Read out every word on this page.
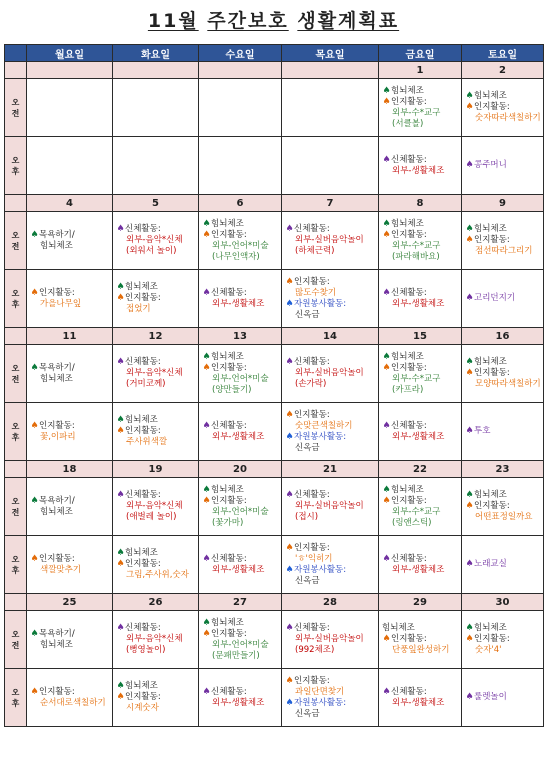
11월 주간보호 생활계획표
	월요일	화요일	수요일	목요일	금요일	토요일
					1	2

오
전					♠힘뇌체조
♠인지활동:
외부-수*교구
(서클볼)	♠힘뇌체조
♠인지활동:
숫자따라색칠하기

오
후					♠신체활동:
외부-생활체조	♠콩주머니

	4	5	6	7	8	9

오
전	♠목욕하기/
힘뇌체조	♠신체활동:
외부-음악*신체
(외워서 놀이)	♠힘뇌체조
♠인지활동:
외부-언어*미술
(나무인액자)	♠신체활동:
외부-실버음악놀이
(하체근력)	♠힘뇌체조
♠인지활동:
외부-수*교구
(파라해바요)	♠힘뇌체조
♠인지활동:
점선따라그리기

오
후	♠인지활동:
가을나무잎	♠힘뇌체조
♠인지활동:
접었기	♠신체활동:
외부-생활체조	♠인지활동:
많도수찾기
♠자원봉사활동:
신옥금	♠신체활동:
외부-생활체조	♠고리던지기

	11	12	13	14	15	16

오
전	♠목욕하기/
힘뇌체조	♠신체활동:
외부-음악*신체
(거미코께)	♠힘뇌체조
♠인지활동:
외부-언어*미술
(양만들기)	♠신체활동:
외부-실버음악놀이
(손가락)	♠힘뇌체조
♠인지활동:
외부-수*교구
(카프라)	♠힘뇌체조
♠인지활동:
모양따라색칠하기

오
후	♠인지활동:
꽃,이파리	♠힘뇌체조
♠인지활동:
주사위색깔	♠신체활동:
외부-생활체조	♠인지활동:
숫맞큰색칠하기
♠자원봉사활동:
신옥금	♠신체활동:
외부-생활체조	♠투호

	18	19	20	21	22	23

오
전	♠목욕하기/
힘뇌체조	♠신체활동:
외부-음악*신체
(애벌레 놀이)	♠힘뇌체조
♠인지활동:
외부-언어*미술
(꽃가마)	♠신체활동:
외부-실버음악놀이
(접시)	♠힘뇌체조
♠인지활동:
외부-수*교구
(링앤스틱)	♠힘뇌체조
♠인지활동:
어떤표정일까요

오
후	♠인지활동:
색깔맞추기	♠힘뇌체조
♠인지활동:
그림,주사위,숫자	♠신체활동:
외부-생활체조	♠인지활동:
'ㅎ'익히기
♠자원봉사활동:
신옥금	♠신체활동:
외부-생활체조	♠노래교실

	25	26	27	28	29	30

오
전	♠목욕하기/
힘뇌체조	♠신체활동:
외부-음악*신체
(뻥영놀이)	♠힘뇌체조
♠인지활동:
외부-언어*미술
(문패만들기)	♠신체활동:
외부-실버음악놀이
(992체조)	힘뇌체조
♠인지활동:
단풍잎완성하기	♠힘뇌체조
♠인지활동:
숫자'4'

오
후	♠인지활동:
순서대로색칠하기	♠힘뇌체조
♠인지활동:
시계숫자	♠신체활동:
외부-생활체조	♠인지활동:
과일단면찾기
♠자원봉사활동:
신옥금	♠신체활동:
외부-생활체조	♠룰렛놀이
